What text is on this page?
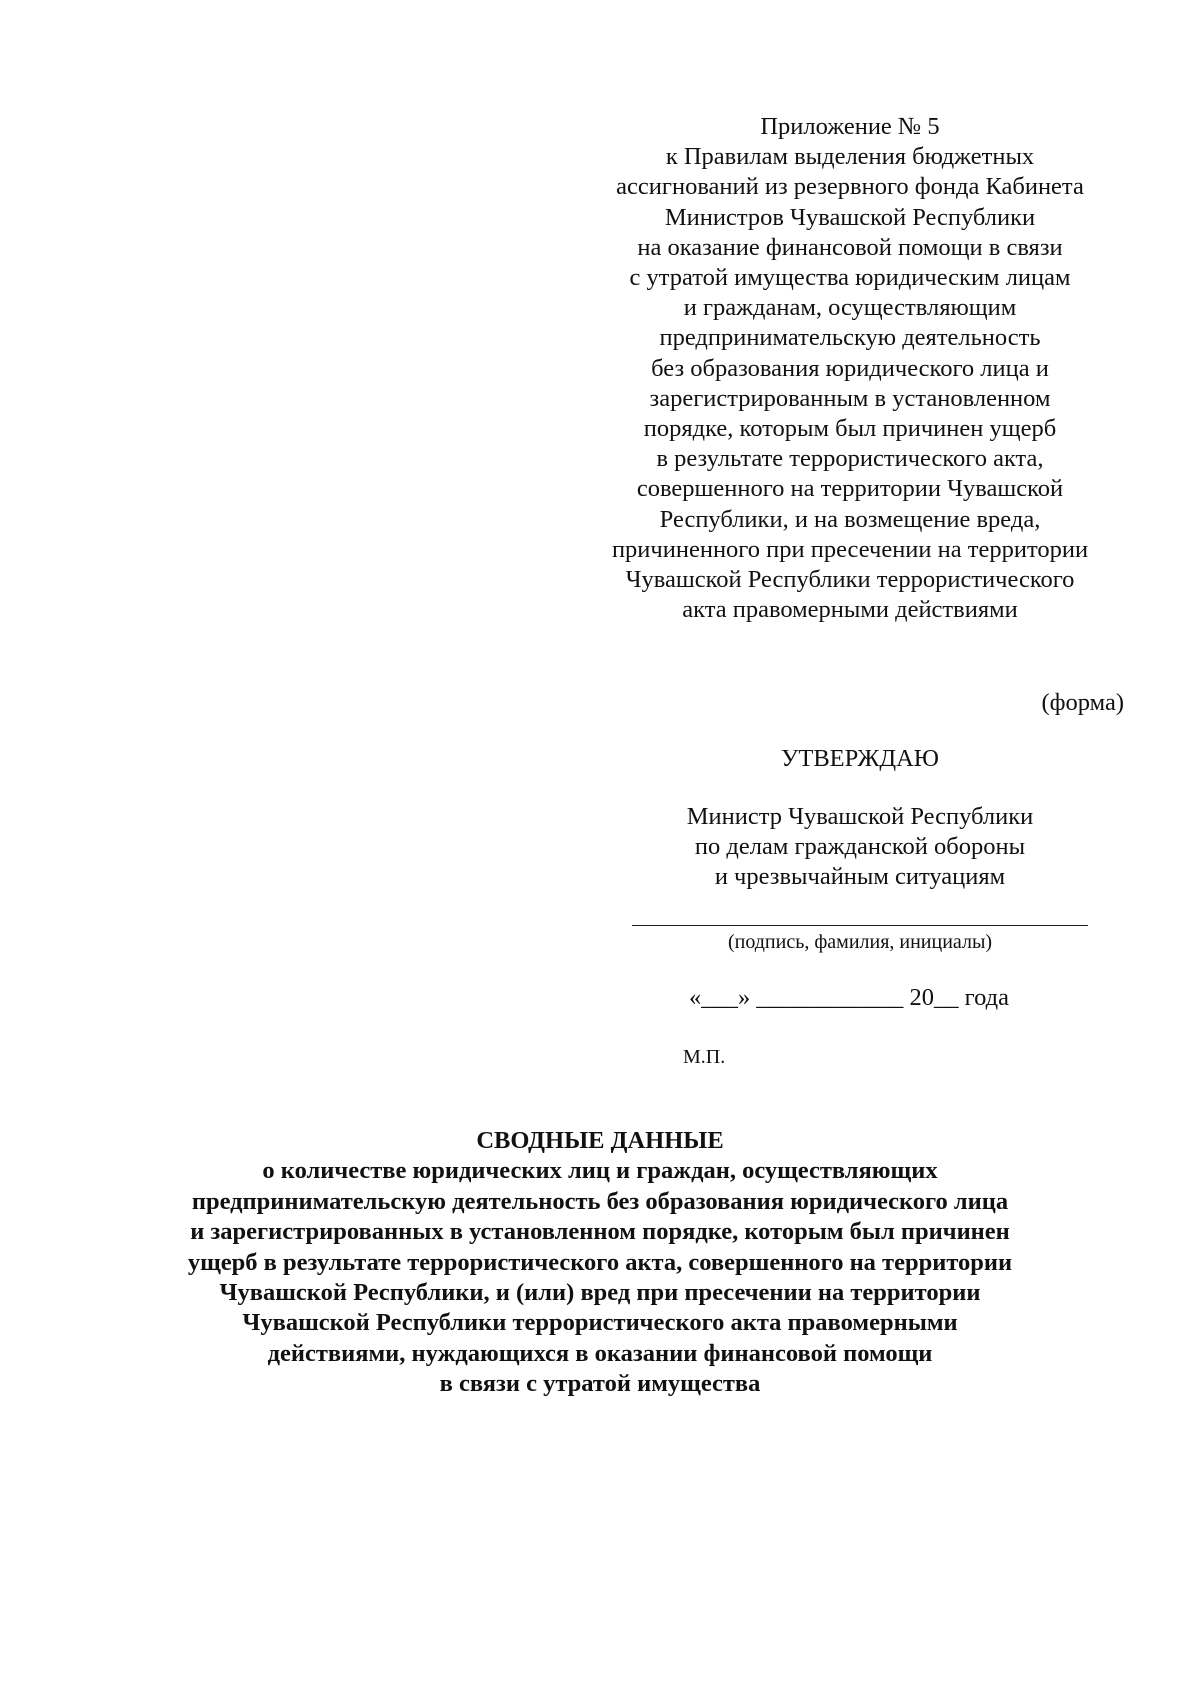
Приложение № 5
к Правилам выделения бюджетных
ассигнований из резервного фонда Кабинета
Министров Чувашской Республики
на оказание финансовой помощи в связи
с утратой имущества юридическим лицам
и гражданам, осуществляющим
предпринимательскую деятельность
без образования юридического лица и
зарегистрированным в установленном
порядке, которым был причинен ущерб
в результате террористического акта,
совершенного на территории Чувашской
Республики, и на возмещение вреда,
причиненного при пресечении на территории
Чувашской Республики террористического
акта правомерными действиями
(форма)
УТВЕРЖДАЮ
Министр Чувашской Республики
по делам гражданской обороны
и чрезвычайным ситуациям
(подпись, фамилия, инициалы)
«___» ____________ 20__ года
М.П.
СВОДНЫЕ ДАННЫЕ
о количестве юридических лиц и граждан, осуществляющих
предпринимательскую деятельность без образования юридического лица
и зарегистрированных в установленном порядке, которым был причинен
ущерб в результате террористического акта, совершенного на территории
Чувашской Республики, и (или) вред при пресечении на территории
Чувашской Республики террористического акта правомерными
действиями, нуждающихся в оказании финансовой помощи
в связи с утратой имущества
